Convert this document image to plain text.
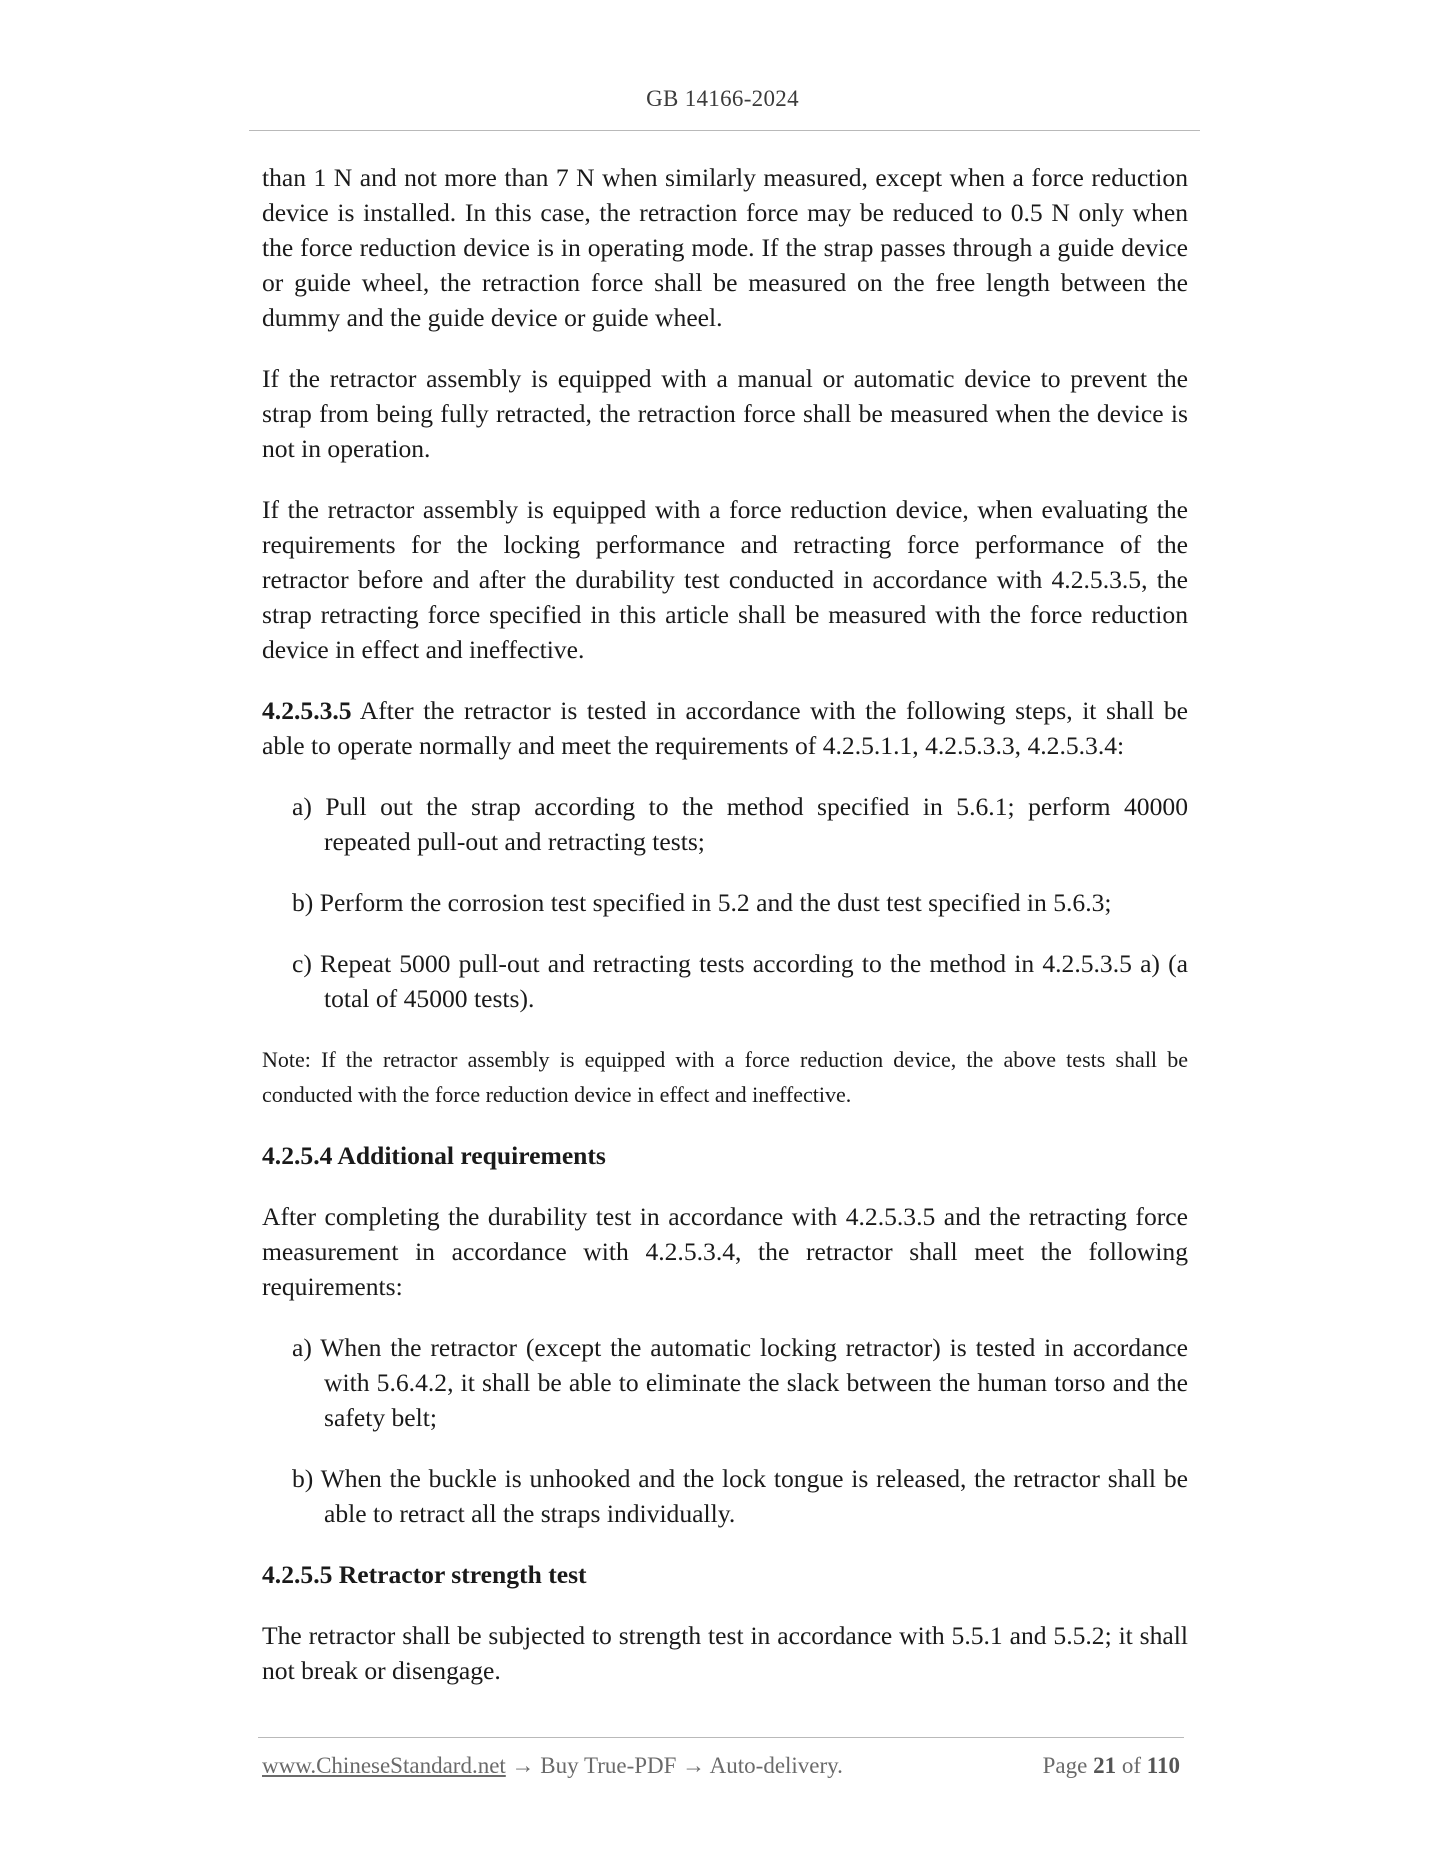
GB 14166-2024

than 1 N and not more than 7 N when similarly measured, except when a force reduction device is installed. In this case, the retraction force may be reduced to 0.5 N only when the force reduction device is in operating mode. If the strap passes through a guide device or guide wheel, the retraction force shall be measured on the free length between the dummy and the guide device or guide wheel.

If the retractor assembly is equipped with a manual or automatic device to prevent the strap from being fully retracted, the retraction force shall be measured when the device is not in operation.

If the retractor assembly is equipped with a force reduction device, when evaluating the requirements for the locking performance and retracting force performance of the retractor before and after the durability test conducted in accordance with 4.2.5.3.5, the strap retracting force specified in this article shall be measured with the force reduction device in effect and ineffective.

4.2.5.3.5 After the retractor is tested in accordance with the following steps, it shall be able to operate normally and meet the requirements of 4.2.5.1.1, 4.2.5.3.3, 4.2.5.3.4:

a) Pull out the strap according to the method specified in 5.6.1; perform 40000 repeated pull-out and retracting tests;
b) Perform the corrosion test specified in 5.2 and the dust test specified in 5.6.3;
c) Repeat 5000 pull-out and retracting tests according to the method in 4.2.5.3.5 a) (a total of 45000 tests).

Note: If the retractor assembly is equipped with a force reduction device, the above tests shall be conducted with the force reduction device in effect and ineffective.

4.2.5.4 Additional requirements

After completing the durability test in accordance with 4.2.5.3.5 and the retracting force measurement in accordance with 4.2.5.3.4, the retractor shall meet the following requirements:

a) When the retractor (except the automatic locking retractor) is tested in accordance with 5.6.4.2, it shall be able to eliminate the slack between the human torso and the safety belt;
b) When the buckle is unhooked and the lock tongue is released, the retractor shall be able to retract all the straps individually.
4.2.5.5 Retractor strength test

The retractor shall be subjected to strength test in accordance with 5.5.1 and 5.5.2; it shall not break or disengage.

www.ChineseStandard.net → Buy True-PDF → Auto-delivery.	Page 21 of 110
